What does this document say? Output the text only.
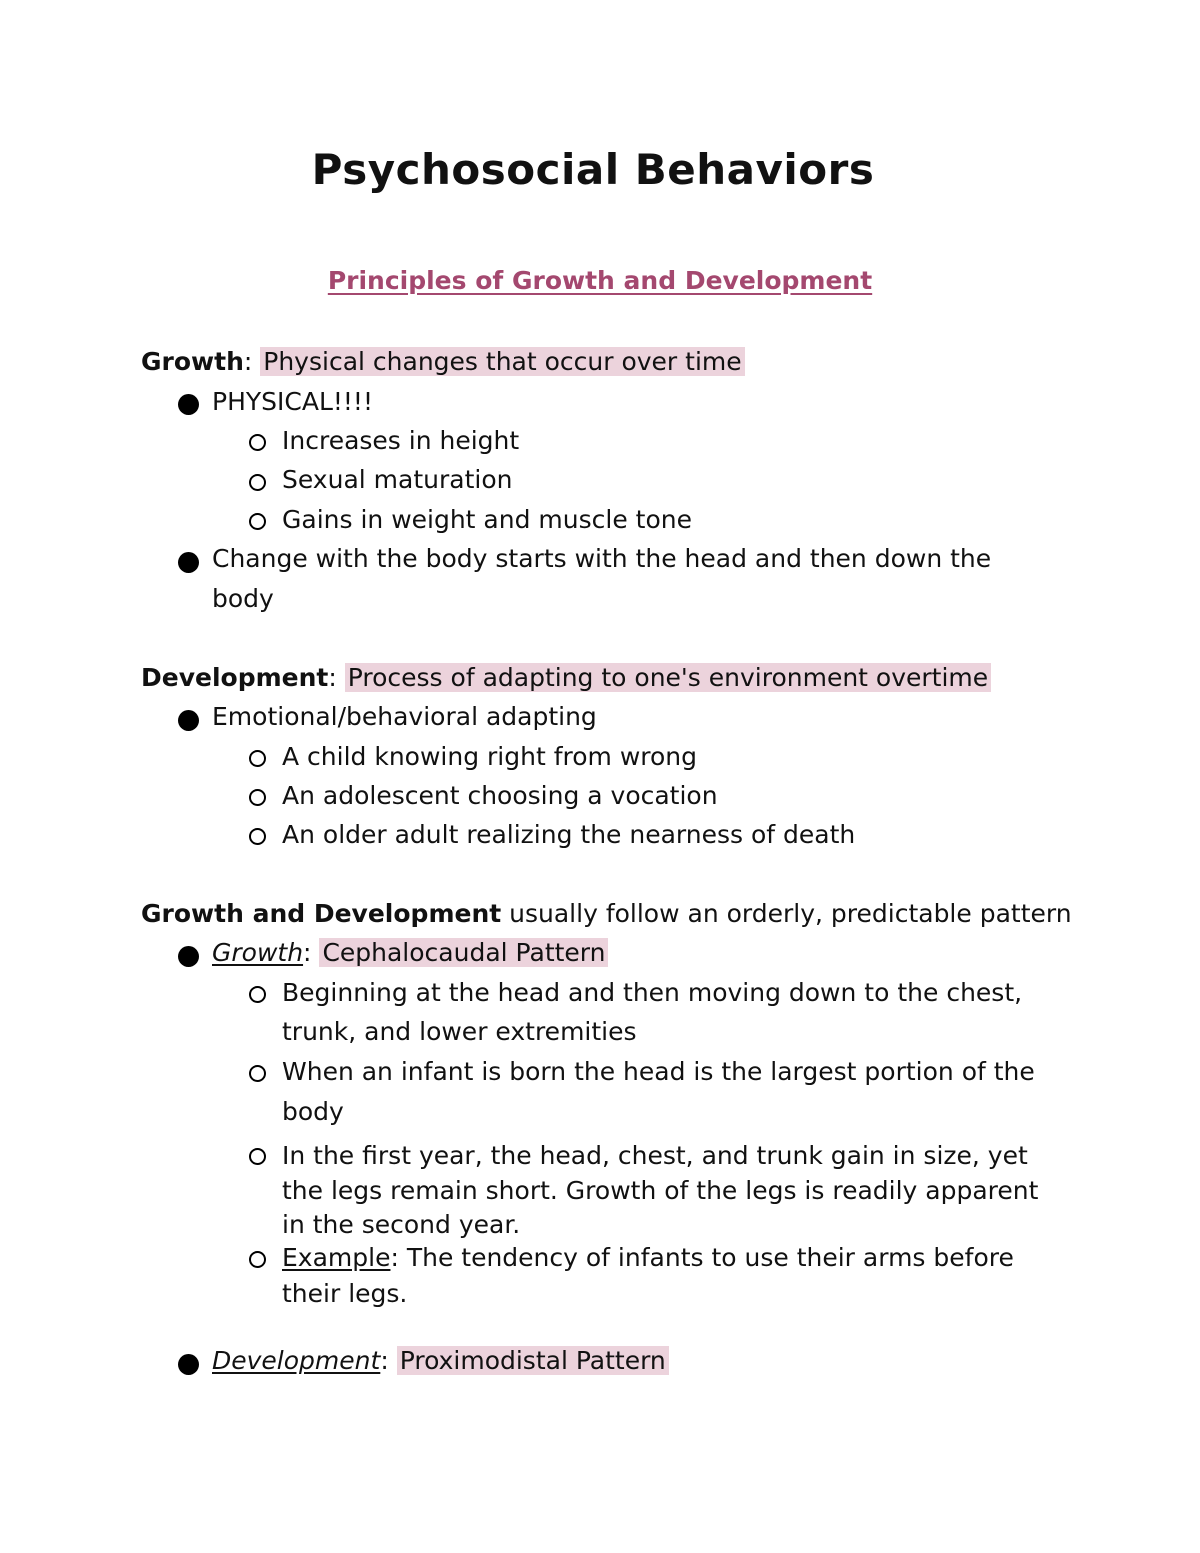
Psychosocial Behaviors
Principles of Growth and Development
Growth: Physical changes that occur over time
PHYSICAL!!!!
Increases in height
Sexual maturation
Gains in weight and muscle tone
Change with the body starts with the head and then down the
body
Development: Process of adapting to one's environment overtime
Emotional/behavioral adapting
A child knowing right from wrong
An adolescent choosing a vocation
An older adult realizing the nearness of death
Growth and Development usually follow an orderly, predictable pattern
Growth: Cephalocaudal Pattern
Beginning at the head and then moving down to the chest,
trunk, and lower extremities
When an infant is born the head is the largest portion of the
body
In the first year, the head, chest, and trunk gain in size, yet
the legs remain short. Growth of the legs is readily apparent
in the second year.
Example: The tendency of infants to use their arms before
their legs.
Development: Proximodistal Pattern
